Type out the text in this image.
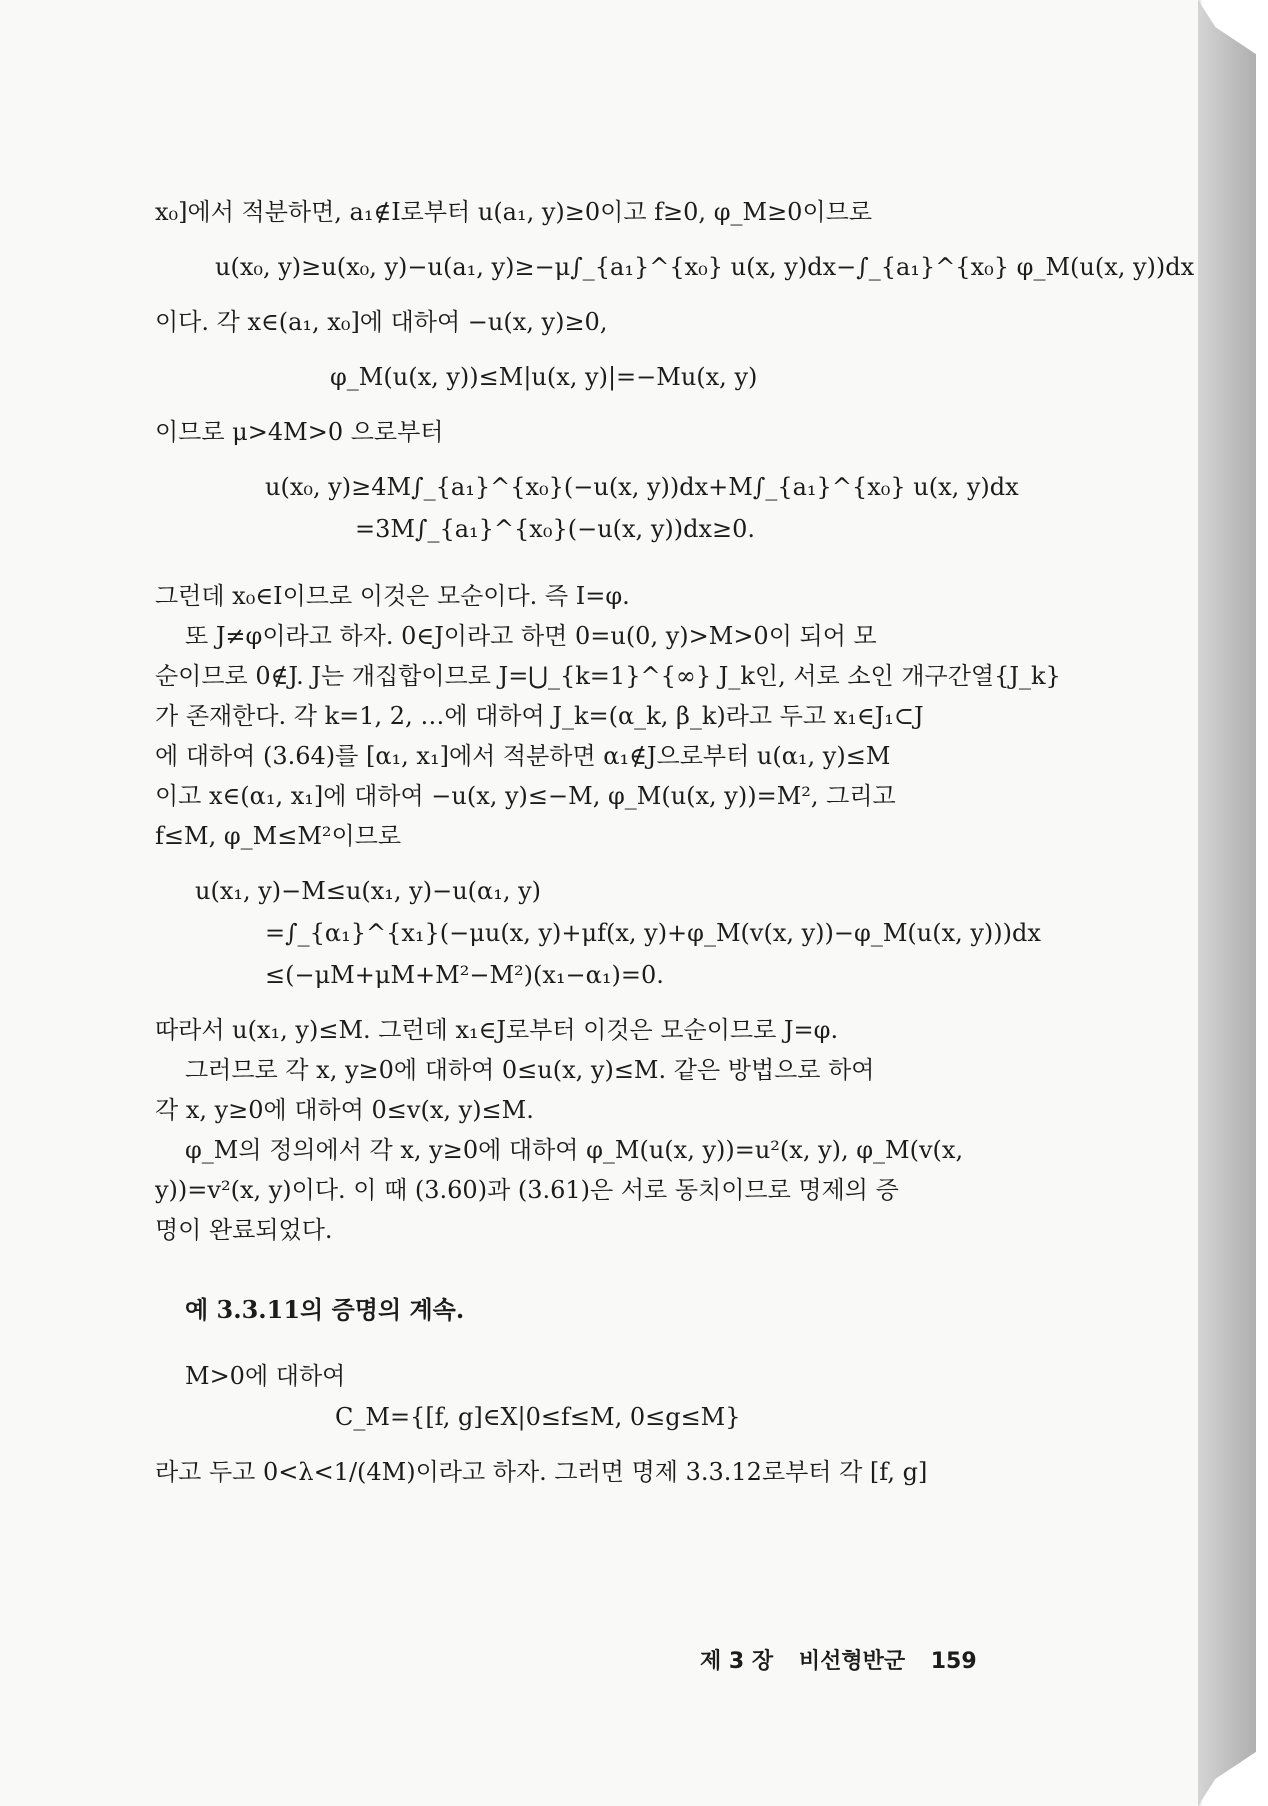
x₀]에서 적분하면, a₁∉I로부터 u(a₁, y)≥0이고 f≥0, φ_M≥0이므로
u(x₀, y)≥u(x₀, y)−u(a₁, y)≥−μ∫_{a₁}^{x₀} u(x, y)dx−∫_{a₁}^{x₀} φ_M(u(x, y))dx
이다. 각 x∈(a₁, x₀]에 대하여 −u(x, y)≥0,
φ_M(u(x, y))≤M|u(x, y)|=−Mu(x, y)
이므로 μ>4M>0 으로부터
u(x₀, y)≥4M∫_{a₁}^{x₀}(−u(x, y))dx+M∫_{a₁}^{x₀} u(x, y)dx
=3M∫_{a₁}^{x₀}(−u(x, y))dx≥0.
그런데 x₀∈I이므로 이것은 모순이다. 즉 I=φ.
또 J≠φ이라고 하자. 0∈J이라고 하면 0=u(0, y)>M>0이 되어 모
순이므로 0∉J. J는 개집합이므로 J=⋃_{k=1}^{∞} J_k인, 서로 소인 개구간열{J_k}
가 존재한다. 각 k=1, 2, …에 대하여 J_k=(α_k, β_k)라고 두고 x₁∈J₁⊂J
에 대하여 (3.64)를 [α₁, x₁]에서 적분하면 α₁∉J으로부터 u(α₁, y)≤M
이고 x∈(α₁, x₁]에 대하여 −u(x, y)≤−M, φ_M(u(x, y))=M², 그리고
f≤M, φ_M≤M²이므로
u(x₁, y)−M≤u(x₁, y)−u(α₁, y)
=∫_{α₁}^{x₁}(−μu(x, y)+μf(x, y)+φ_M(v(x, y))−φ_M(u(x, y)))dx
≤(−μM+μM+M²−M²)(x₁−α₁)=0.
따라서 u(x₁, y)≤M. 그런데 x₁∈J로부터 이것은 모순이므로 J=φ.
그러므로 각 x, y≥0에 대하여 0≤u(x, y)≤M. 같은 방법으로 하여
각 x, y≥0에 대하여 0≤v(x, y)≤M.
φ_M의 정의에서 각 x, y≥0에 대하여 φ_M(u(x, y))=u²(x, y), φ_M(v(x,
y))=v²(x, y)이다. 이 때 (3.60)과 (3.61)은 서로 동치이므로 명제의 증
명이 완료되었다.
예 3.3.11의 증명의 계속.
M>0에 대하여
C_M={[f, g]∈X|0≤f≤M, 0≤g≤M}
라고 두고 0<λ<1/(4M)이라고 하자. 그러면 명제 3.3.12로부터 각 [f, g]
제 3 장 비선형반군 159
